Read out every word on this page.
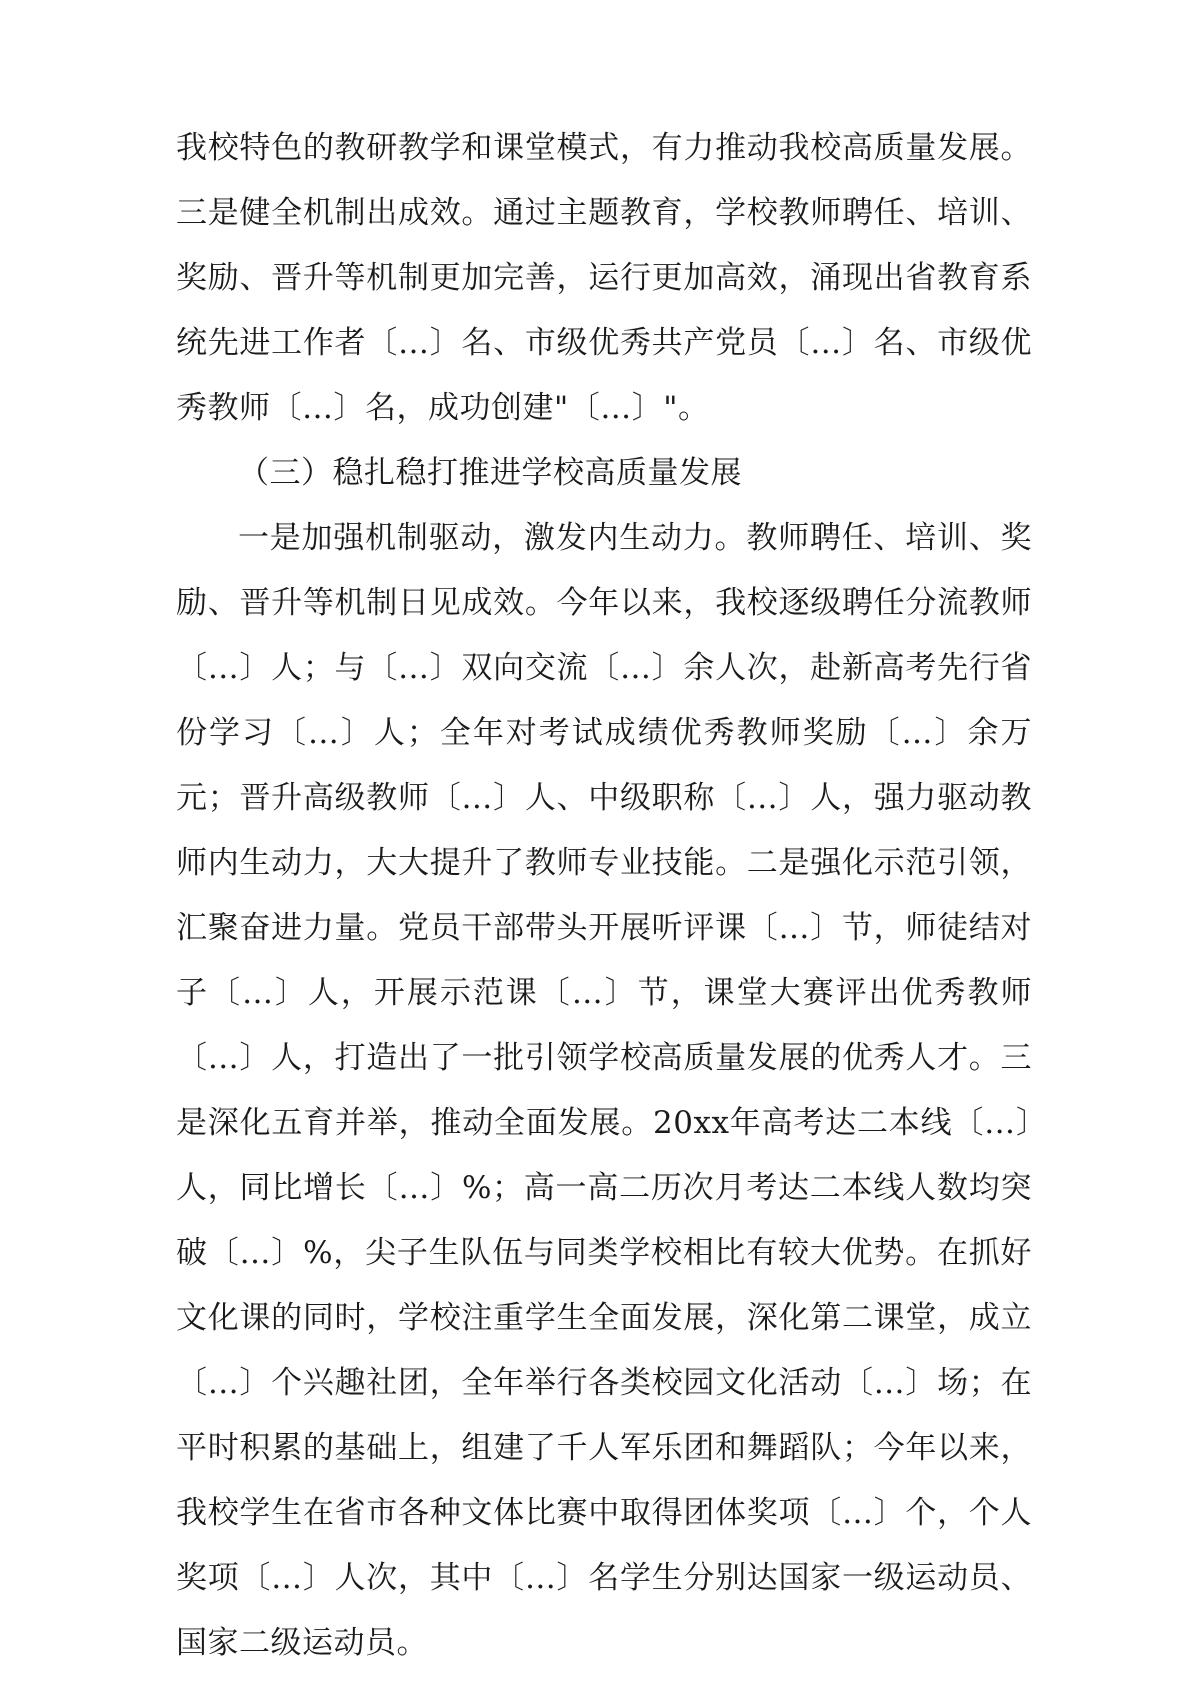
我校特色的教研教学和课堂模式，有力推动我校高质量发展。三是健全机制出成效。通过主题教育，学校教师聘任、培训、奖励、晋升等机制更加完善，运行更加高效，涌现出省教育系统先进工作者〔…〕名、市级优秀共产党员〔…〕名、市级优秀教师〔…〕名，成功创建"〔…〕"。

（三）稳扎稳打推进学校高质量发展

一是加强机制驱动，激发内生动力。教师聘任、培训、奖励、晋升等机制日见成效。今年以来，我校逐级聘任分流教师〔…〕人；与〔…〕双向交流〔…〕余人次，赴新高考先行省份学习〔…〕人；全年对考试成绩优秀教师奖励〔…〕余万元；晋升高级教师〔…〕人、中级职称〔…〕人，强力驱动教师内生动力，大大提升了教师专业技能。二是强化示范引领，汇聚奋进力量。党员干部带头开展听评课〔…〕节，师徒结对子〔…〕人，开展示范课〔…〕节，课堂大赛评出优秀教师〔…〕人，打造出了一批引领学校高质量发展的优秀人才。三是深化五育并举，推动全面发展。20xx年高考达二本线〔…〕人，同比增长〔…〕%；高一高二历次月考达二本线人数均突破〔…〕%，尖子生队伍与同类学校相比有较大优势。在抓好文化课的同时，学校注重学生全面发展，深化第二课堂，成立〔…〕个兴趣社团，全年举行各类校园文化活动〔…〕场；在平时积累的基础上，组建了千人军乐团和舞蹈队；今年以来，我校学生在省市各种文体比赛中取得团体奖项〔…〕个，个人奖项〔…〕人次，其中〔…〕名学生分别达国家一级运动员、国家二级运动员。
